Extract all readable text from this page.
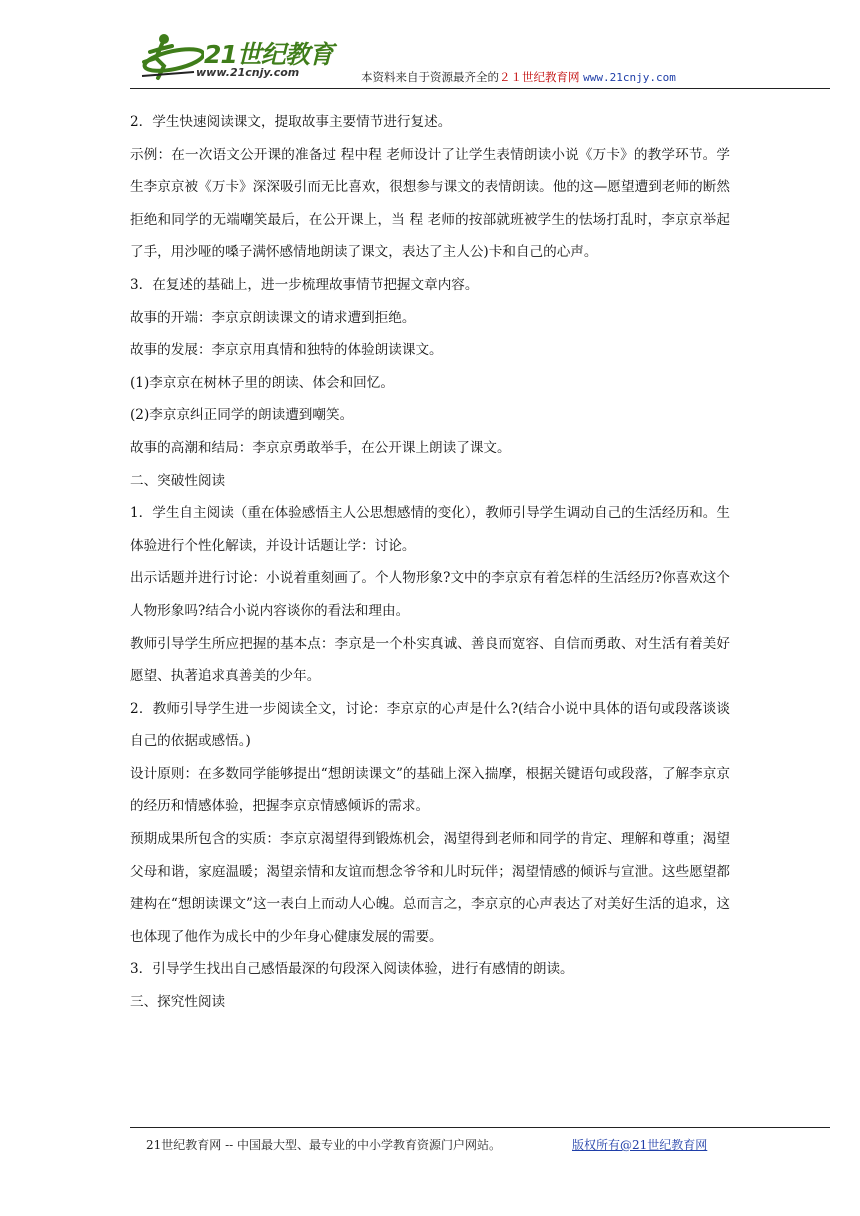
21世纪教育
www.21cnjy.com	本资料来自于资源最齐全的２１世纪教育网 www.21cnjy.com

2．学生快速阅读课文，提取故事主要情节进行复述。

示例：在一次语文公开课的准备过 程中程 老师设计了让学生表情朗读小说《万卡》的教学环节。学生李京京被《万卡》深深吸引而无比喜欢，很想参与课文的表情朗读。他的这—愿望遭到老师的断然拒绝和同学的无端嘲笑最后，在公开课上，当 程 老师的按部就班被学生的怯场打乱时，李京京举起了手，用沙哑的嗓子满怀感情地朗读了课文，表达了主人公)卡和自己的心声。

3．在复述的基础上，进一步梳理故事情节把握文章内容。

故事的开端：李京京朗读课文的请求遭到拒绝。

故事的发展：李京京用真情和独特的体验朗读课文。

(1)李京京在树林子里的朗读、体会和回忆。

(2)李京京纠正同学的朗读遭到嘲笑。

故事的高潮和结局：李京京勇敢举手，在公开课上朗读了课文。

二、突破性阅读

1．学生自主阅读（重在体验感悟主人公思想感情的变化），教师引导学生调动自己的生活经历和。生体验进行个性化解读，并设计话题让学：讨论。

出示话题并进行讨论：小说着重刻画了。个人物形象?文中的李京京有着怎样的生活经历?你喜欢这个人物形象吗?结合小说内容谈你的看法和理由。

教师引导学生所应把握的基本点：李京是一个朴实真诚、善良而宽容、自信而勇敢、对生活有着美好愿望、执著追求真善美的少年。

2．教师引导学生进一步阅读全文，讨论：李京京的心声是什么?(结合小说中具体的语句或段落谈谈自己的依据或感悟。)

设计原则：在多数同学能够提出“想朗读课文”的基础上深入揣摩，根据关键语句或段落，了解李京京的经历和情感体验，把握李京京情感倾诉的需求。

预期成果所包含的实质：李京京渴望得到锻炼机会，渴望得到老师和同学的肯定、理解和尊重；渴望父母和谐，家庭温暖；渴望亲情和友谊而想念爷爷和儿时玩伴；渴望情感的倾诉与宣泄。这些愿望都建构在“想朗读课文”这一表白上而动人心魄。总而言之，李京京的心声表达了对美好生活的追求，这也体现了他作为成长中的少年身心健康发展的需要。

3．引导学生找出自己感悟最深的句段深入阅读体验，进行有感情的朗读。

三、探究性阅读

21世纪教育网 -- 中国最大型、最专业的中小学教育资源门户网站。	版权所有@21世纪教育网
